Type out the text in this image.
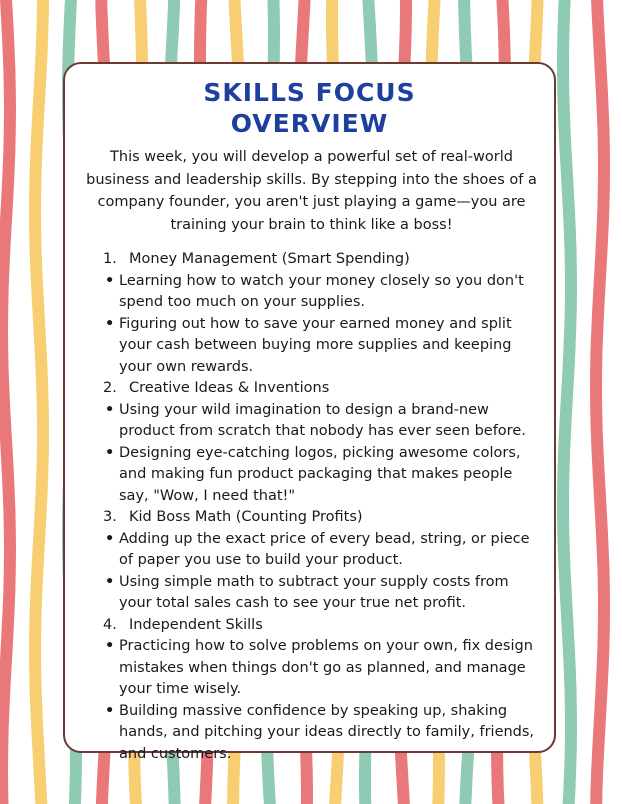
SKILLS FOCUS
OVERVIEW

This week, you will develop a powerful set of real-world business and leadership skills. By stepping into the shoes of a company founder, you aren't just playing a game—you are training your brain to think like a boss!

1. Money Management (Smart Spending)
• Learning how to watch your money closely so you don't spend too much on your supplies.
• Figuring out how to save your earned money and split your cash between buying more supplies and keeping your own rewards.
2. Creative Ideas & Inventions
• Using your wild imagination to design a brand-new product from scratch that nobody has ever seen before.
• Designing eye-catching logos, picking awesome colors, and making fun product packaging that makes people say, "Wow, I need that!"
3. Kid Boss Math (Counting Profits)
• Adding up the exact price of every bead, string, or piece of paper you use to build your product.
• Using simple math to subtract your supply costs from your total sales cash to see your true net profit.
4. Independent Skills
• Practicing how to solve problems on your own, fix design mistakes when things don't go as planned, and manage your time wisely.
• Building massive confidence by speaking up, shaking hands, and pitching your ideas directly to family, friends, and customers.
